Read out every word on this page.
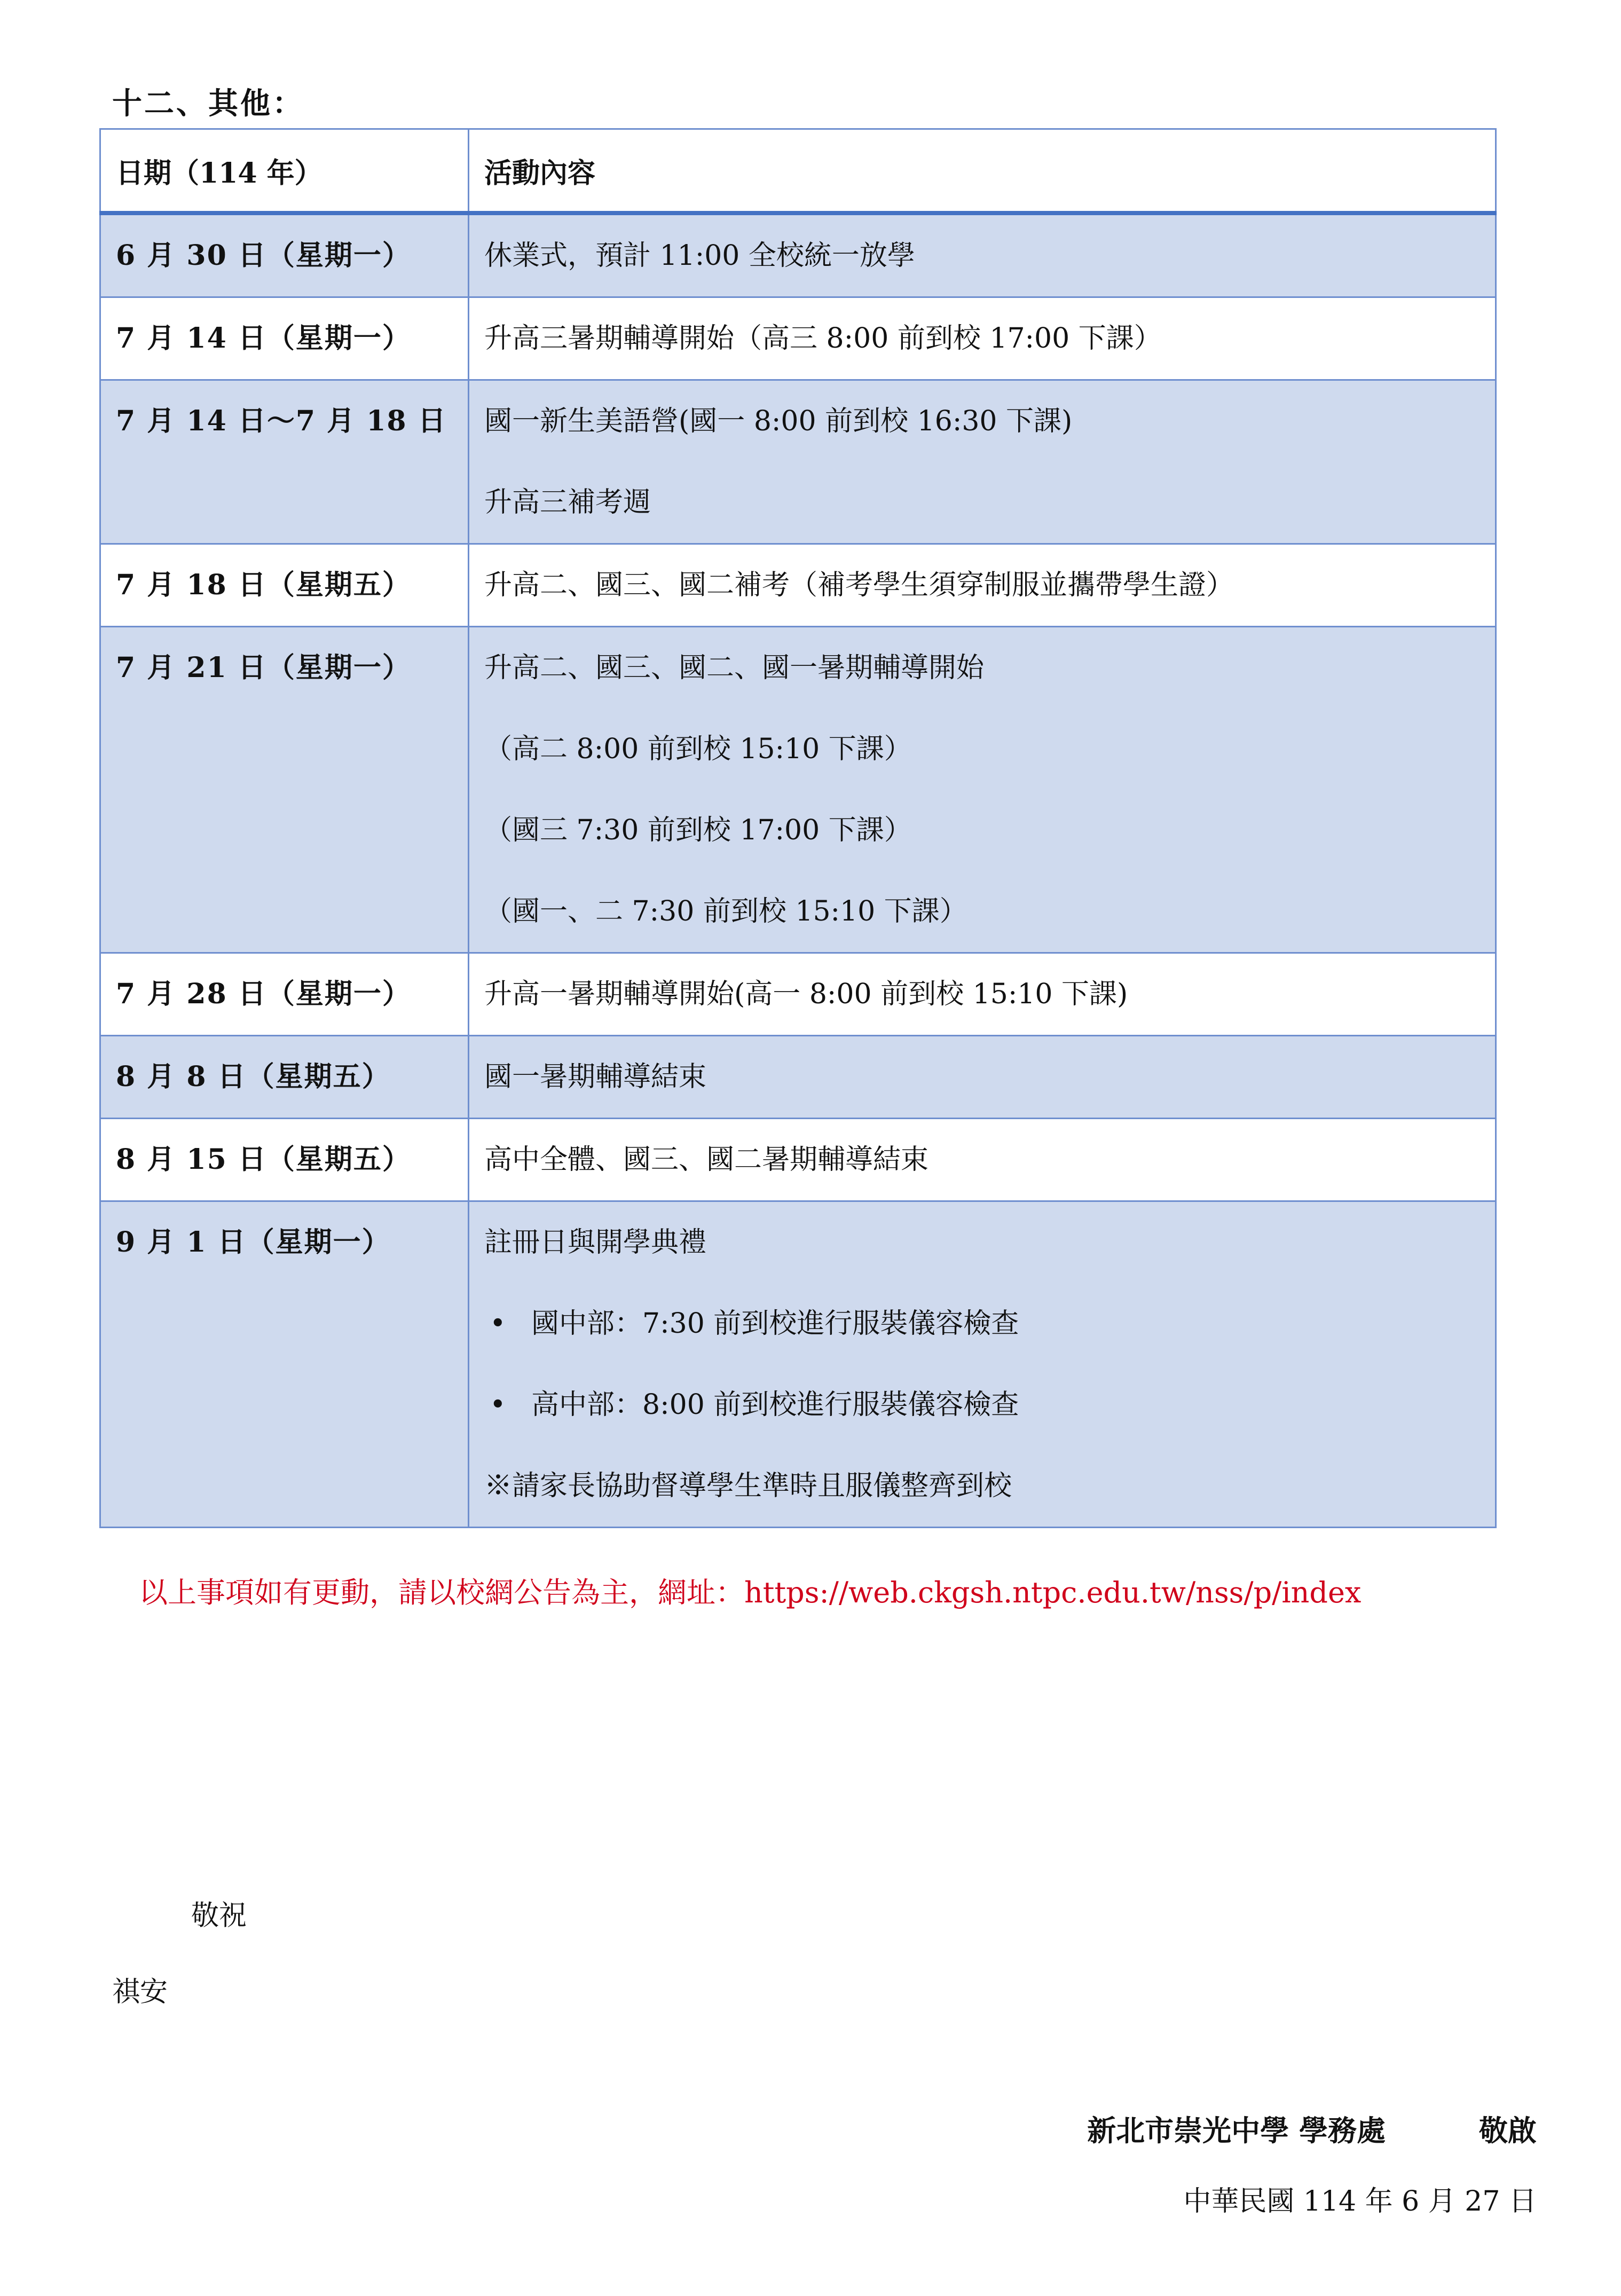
十二、其他：
日期（114 年）	活動內容

6 月 30 日（星期一）	休業式，預計 11:00 全校統一放學

7 月 14 日（星期一）	升高三暑期輔導開始（高三 8:00 前到校 17:00 下課）

7 月 14 日～7 月 18 日	國一新生美語營(國一 8:00 前到校 16:30 下課)
升高三補考週

7 月 18 日（星期五）	升高二、國三、國二補考（補考學生須穿制服並攜帶學生證）

7 月 21 日（星期一）	升高二、國三、國二、國一暑期輔導開始
（高二 8:00 前到校 15:10 下課）
（國三 7:30 前到校 17:00 下課）
（國一、二 7:30 前到校 15:10 下課）

7 月 28 日（星期一）	升高一暑期輔導開始(高一 8:00 前到校 15:10 下課)

8 月 8 日（星期五）	國一暑期輔導結束

8 月 15 日（星期五）	高中全體、國三、國二暑期輔導結束

9 月 1 日（星期一）	註冊日與開學典禮
• 國中部：7:30 前到校進行服裝儀容檢查
• 高中部：8:00 前到校進行服裝儀容檢查
※請家長協助督導學生準時且服儀整齊到校
以上事項如有更動，請以校網公告為主，網址：https://web.ckgsh.ntpc.edu.tw/nss/p/index
敬祝
祺安
新北市崇光中學 學務處	敬啟
中華民國 114 年 6 月 27 日
